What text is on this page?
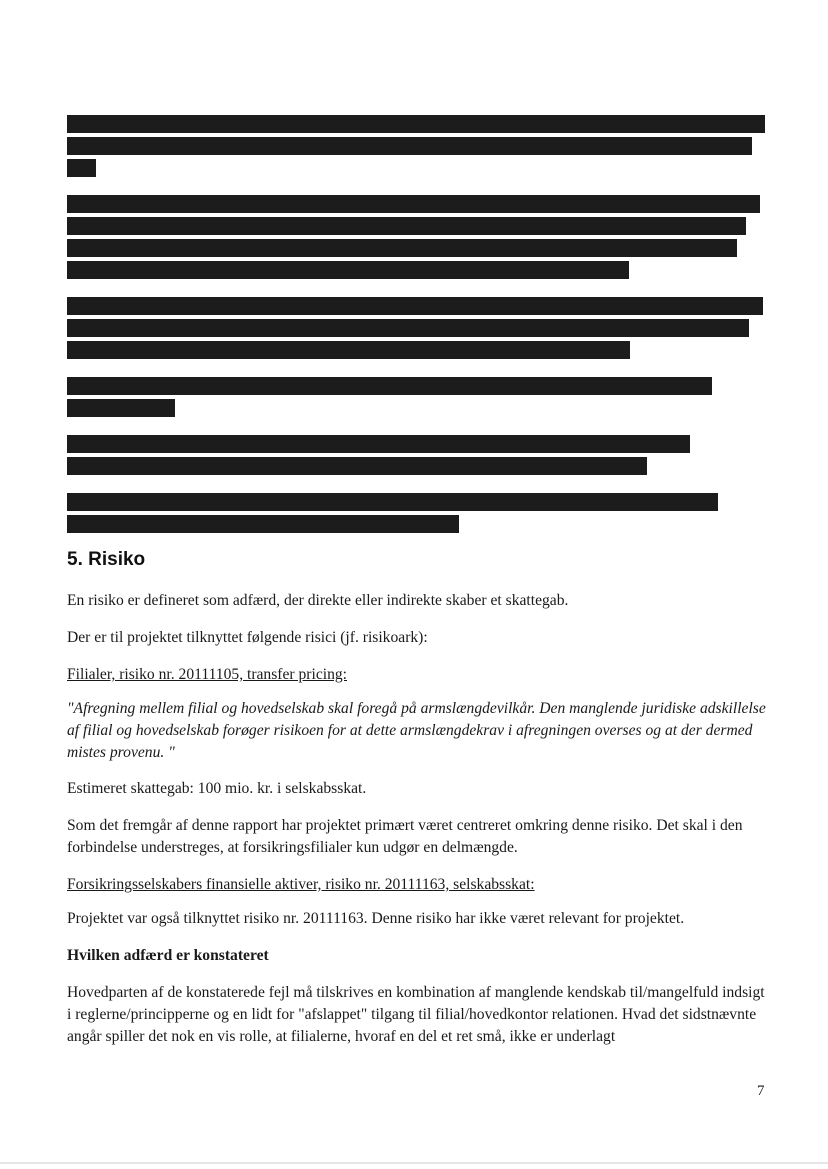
5. Risiko

En risiko er defineret som adfærd, der direkte eller indirekte skaber et skattegab.

Der er til projektet tilknyttet følgende risici (jf. risikoark):

Filialer, risiko nr. 20111105, transfer pricing:

"Afregning mellem filial og hovedselskab skal foregå på armslængdevilkår. Den manglende juridiske adskillelse af filial og hovedselskab forøger risikoen for at dette armslængdekrav i afregningen overses og at der dermed mistes provenu. "

Estimeret skattegab: 100 mio. kr. i selskabsskat.

Som det fremgår af denne rapport har projektet primært været centreret omkring denne risiko. Det skal i den forbindelse understreges, at forsikringsfilialer kun udgør en delmængde.

Forsikringsselskabers finansielle aktiver, risiko nr. 20111163, selskabsskat:

Projektet var også tilknyttet risiko nr. 20111163. Denne risiko har ikke været relevant for projektet.

Hvilken adfærd er konstateret

Hovedparten af de konstaterede fejl må tilskrives en kombination af manglende kendskab til/mangelfuld indsigt i reglerne/principperne og en lidt for "afslappet" tilgang til filial/hovedkontor relationen. Hvad det sidstnævnte angår spiller det nok en vis rolle, at filialerne, hvoraf en del et ret små, ikke er underlagt

7
